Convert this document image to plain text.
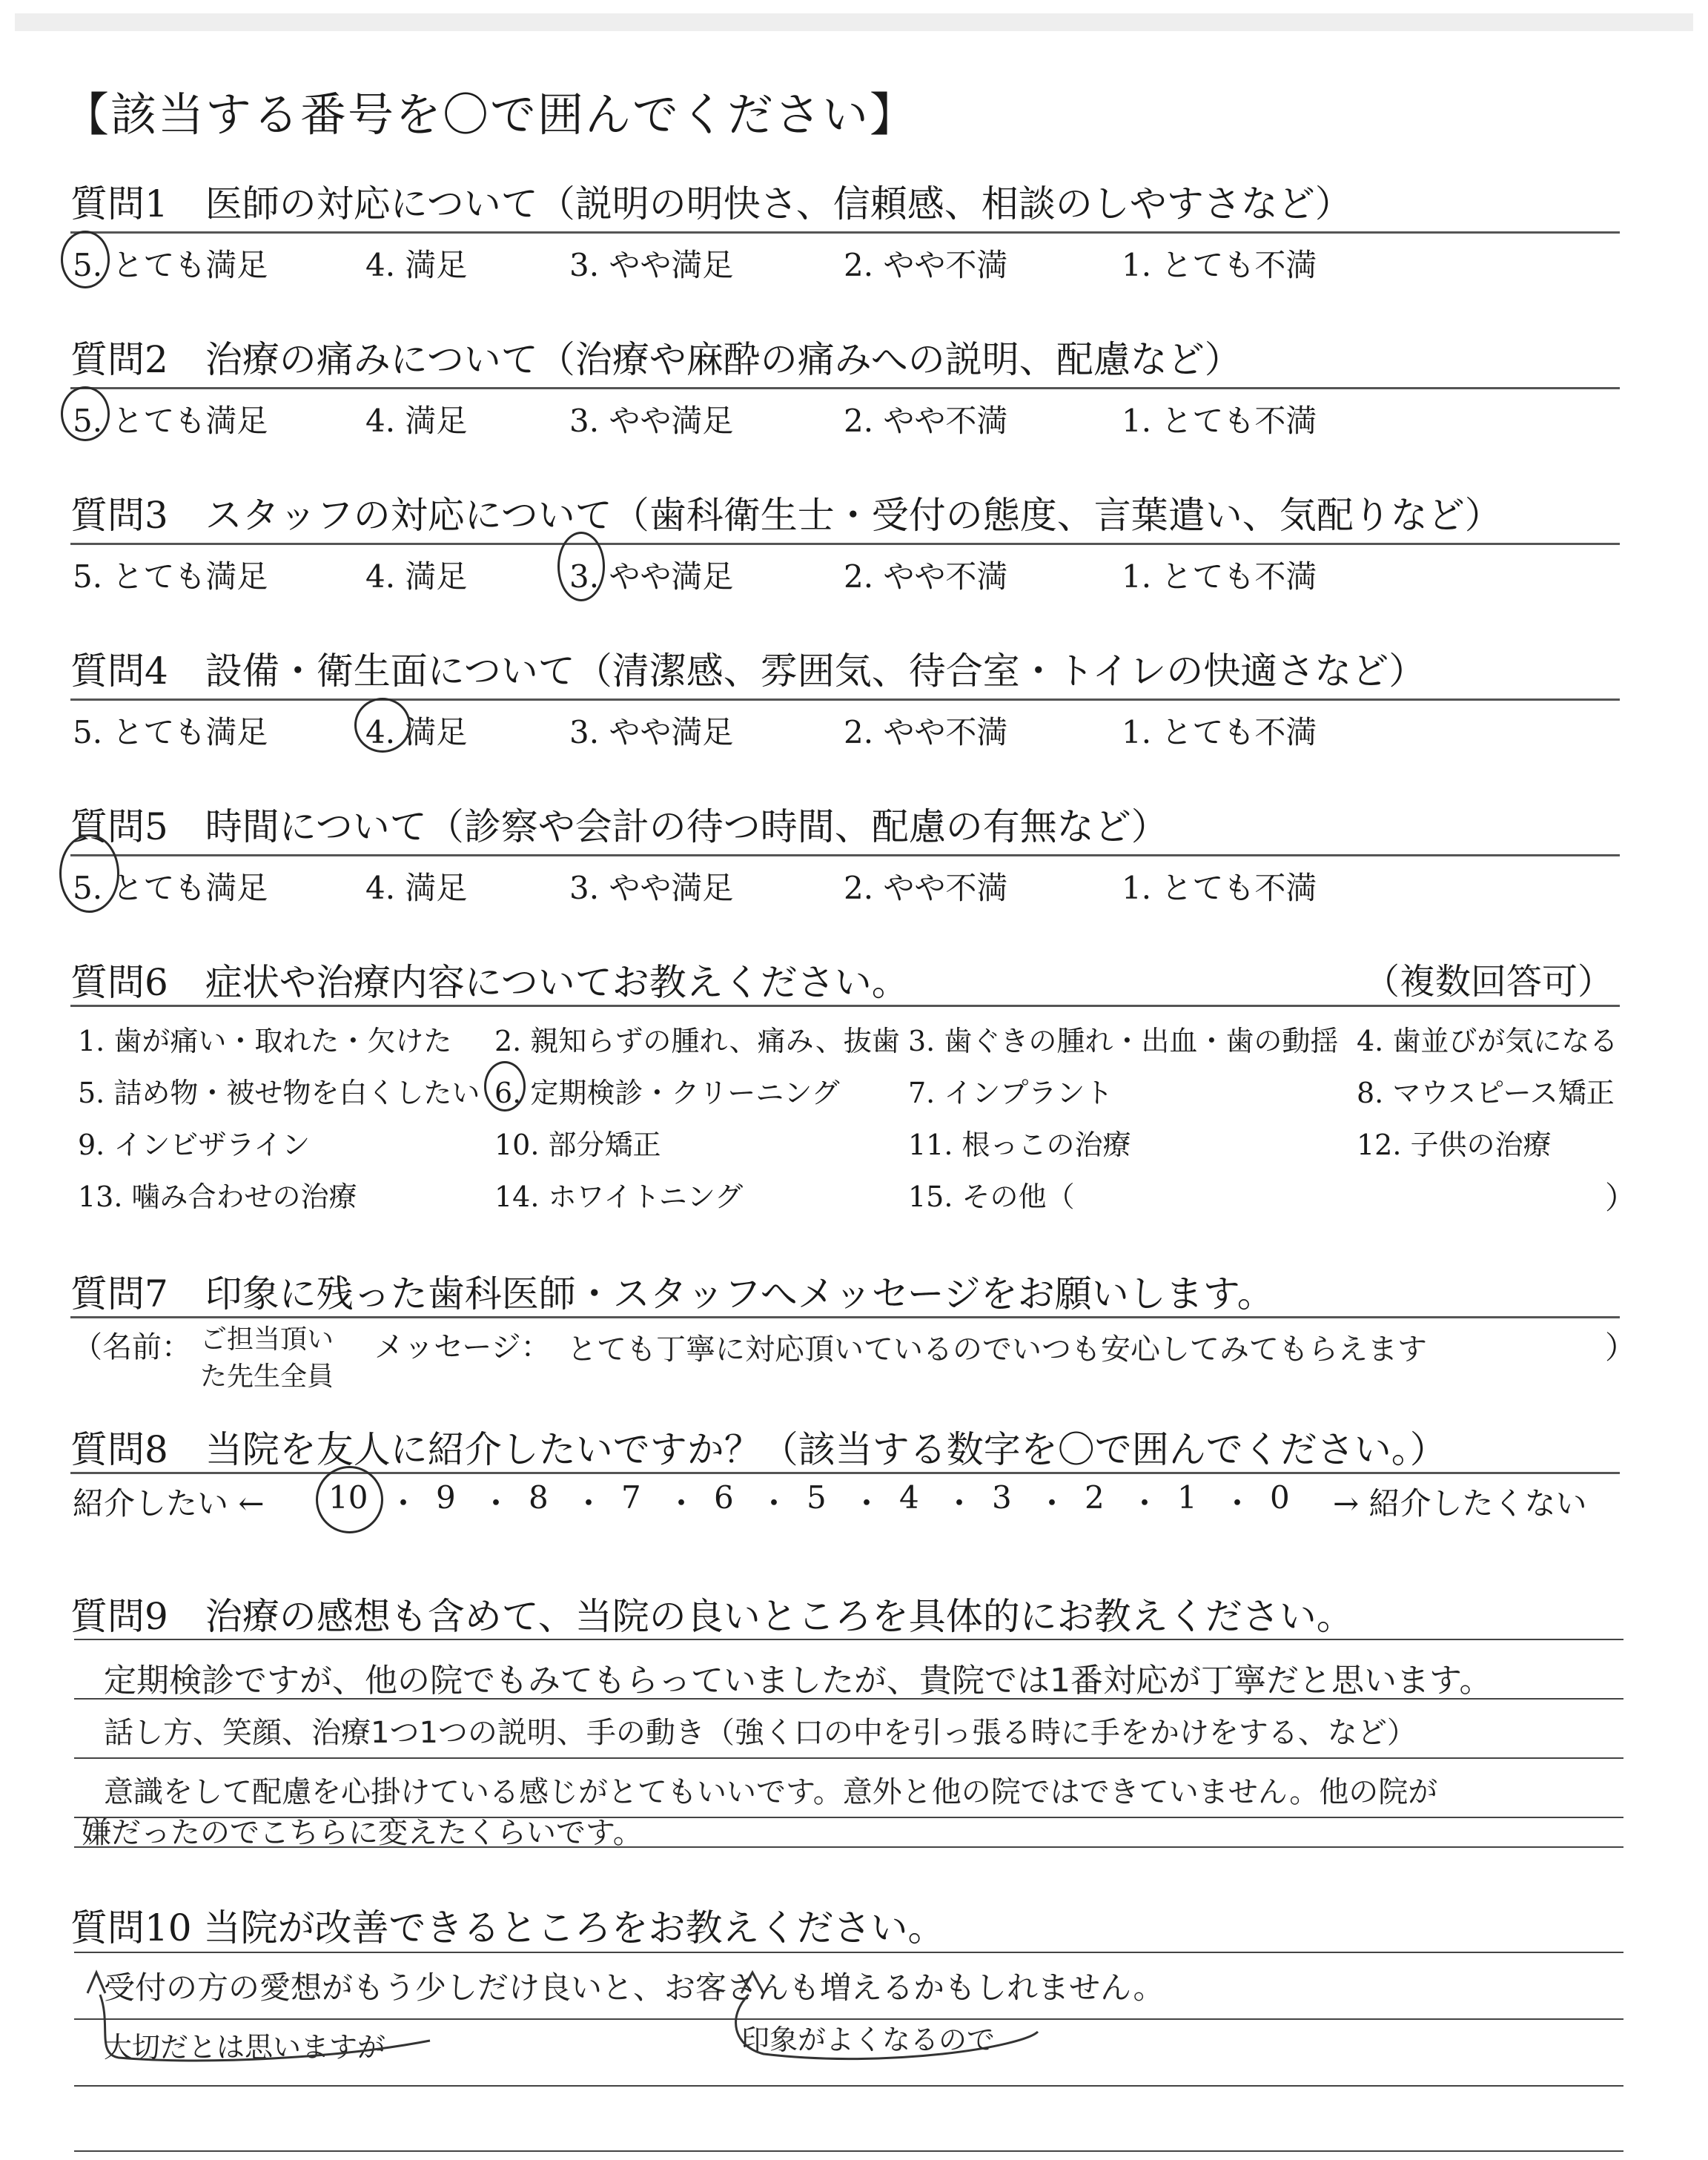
【該当する番号を〇で囲んでください】
質問1　医師の対応について（説明の明快さ、信頼感、相談のしやすさなど）
5. とても満足	4. 満足	3. やや満足	2. やや不満	1. とても不満
質問2　治療の痛みについて（治療や麻酔の痛みへの説明、配慮など）
5. とても満足	4. 満足	3. やや満足	2. やや不満	1. とても不満
質問3　スタッフの対応について（歯科衛生士・受付の態度、言葉遣い、気配りなど）
5. とても満足	4. 満足	3. やや満足	2. やや不満	1. とても不満
質問4　設備・衛生面について（清潔感、雰囲気、待合室・トイレの快適さなど）
5. とても満足	4. 満足	3. やや満足	2. やや不満	1. とても不満
質問5　時間について（診察や会計の待つ時間、配慮の有無など）
5. とても満足	4. 満足	3. やや満足	2. やや不満	1. とても不満
質問6　症状や治療内容についてお教えください。	（複数回答可）
1. 歯が痛い・取れた・欠けた 2. 親知らずの腫れ、痛み、抜歯 3. 歯ぐきの腫れ・出血・歯の動揺 4. 歯並びが気になる
5. 詰め物・被せ物を白くしたい 6. 定期検診・クリーニング 7. インプラント	8. マウスピース矯正
9. インビザライン	10. 部分矯正	11. 根っこの治療	12. 子供の治療
13. 噛み合わせの治療	14. ホワイトニング	15. その他（	）
質問7　印象に残った歯科医師・スタッフへメッセージをお願いします。
（名前： ご担当頂いた先生全員
メッセージ： とても丁寧に対応頂いているのでいつも安心してみてもらえます	）
質問8　当院を友人に紹介したいですか？（該当する数字を〇で囲んでください。）
紹介したい ← 10 ・ 9 ・ 8 ・ 7 ・ 6 ・ 5 ・ 4 ・ 3 ・ 2 ・ 1 ・ 0 → 紹介したくない
質問9　治療の感想も含めて、当院の良いところを具体的にお教えください。
定期検診ですが、他の院でもみてもらっていましたが、貴院では1番対応が丁寧だと思います。
話し方、笑顔、治療1つ1つの説明、手の動き（強く口の中を引っ張る時に手をかけをする、など）
意識をして配慮を心掛けている感じがとてもいいです。意外と他の院ではできていません。他の院が
嫌だったのでこちらに変えたくらいです。
質問10 当院が改善できるところをお教えください。
受付の方の愛想がもう少しだけ良いと、お客さんも増えるかもしれません。
大切だとは思いますが	印象がよくなるので
